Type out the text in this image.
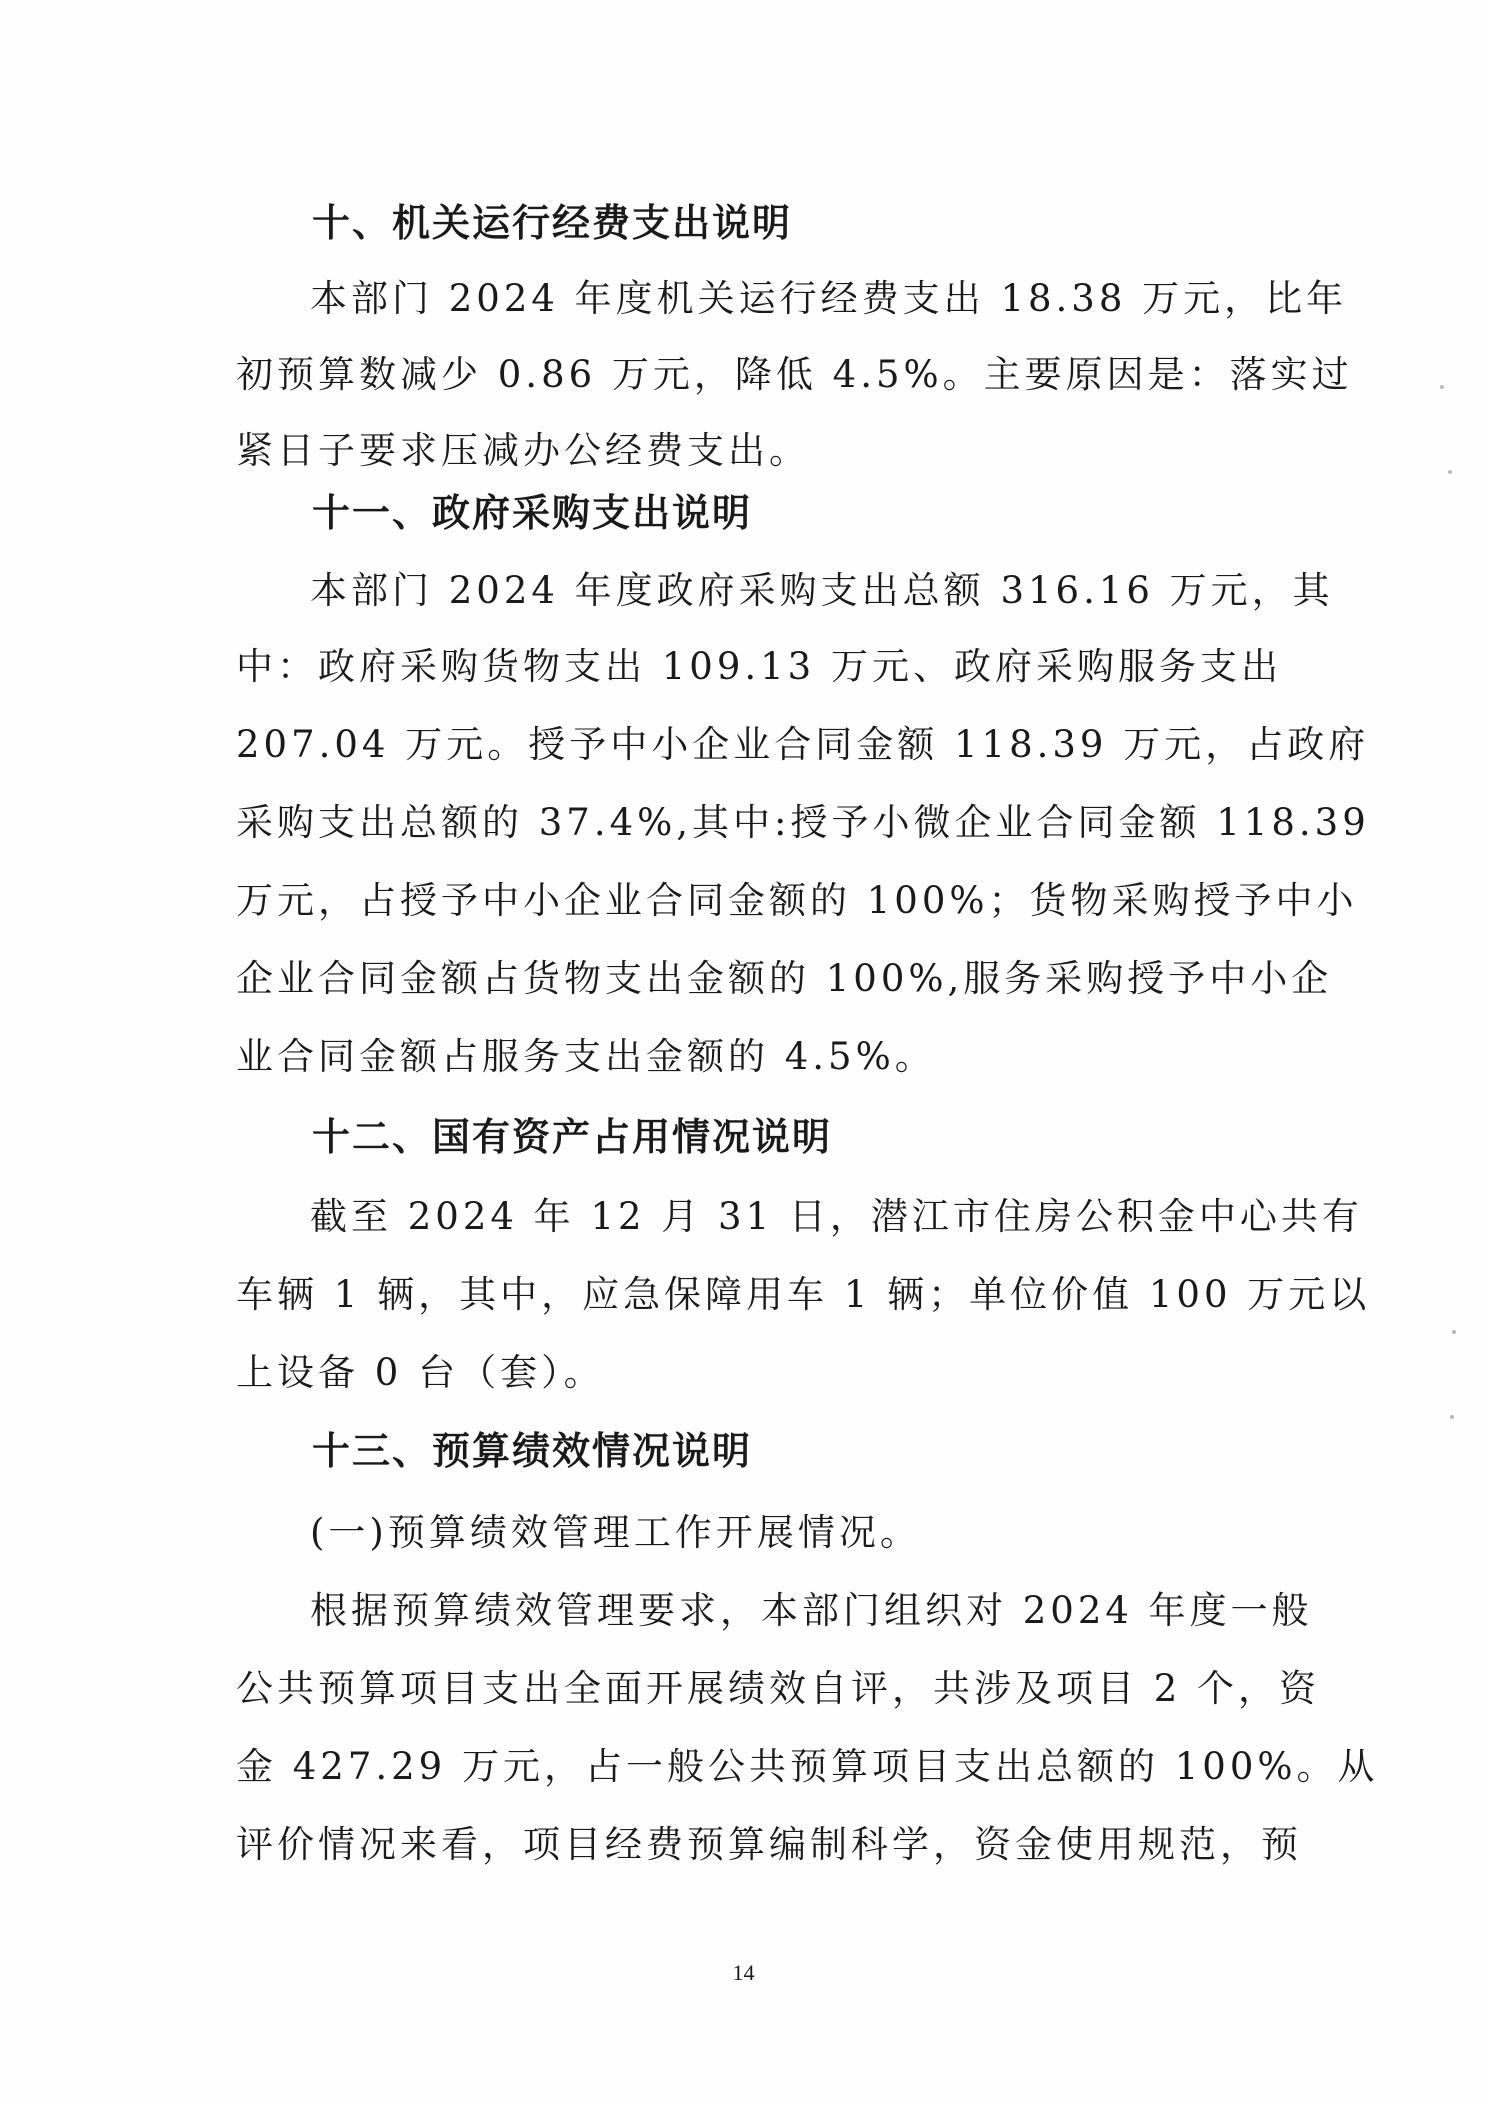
十、机关运行经费支出说明

本部门 2024 年度机关运行经费支出 18.38 万元，比年

初预算数减少 0.86 万元，降低 4.5%。主要原因是：落实过

紧日子要求压减办公经费支出。

十一、政府采购支出说明

本部门 2024 年度政府采购支出总额 316.16 万元，其

中：政府采购货物支出 109.13 万元、政府采购服务支出

207.04 万元。授予中小企业合同金额 118.39 万元，占政府

采购支出总额的 37.4%,其中:授予小微企业合同金额 118.39

万元，占授予中小企业合同金额的 100%；货物采购授予中小

企业合同金额占货物支出金额的 100%,服务采购授予中小企

业合同金额占服务支出金额的 4.5%。

十二、国有资产占用情况说明

截至 2024 年 12 月 31 日，潜江市住房公积金中心共有

车辆 1 辆，其中，应急保障用车 1 辆；单位价值 100 万元以

上设备 0 台（套）。

十三、预算绩效情况说明

(一)预算绩效管理工作开展情况。

根据预算绩效管理要求，本部门组织对 2024 年度一般

公共预算项目支出全面开展绩效自评，共涉及项目 2 个，资

金 427.29 万元，占一般公共预算项目支出总额的 100%。从

评价情况来看，项目经费预算编制科学，资金使用规范，预

14
